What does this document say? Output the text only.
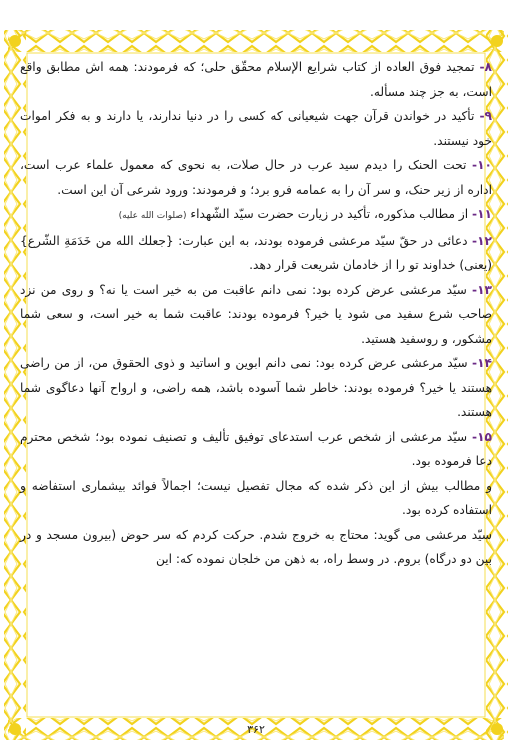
۸- تمجید فوق العاده از کتاب شرایع الإسلام محقّق حلی؛ که فرمودند: همه اش مطابق واقع است، به جز چند مسأله.

۹- تأکید در خواندن قرآن جهت شیعیانی که کسی را در دنیا ندارند، یا دارند و به فکر اموات خود نیستند.

۱۰- تحت الحنک را دیدم سید عرب در حال صلات، به نحوی که معمول علماء عرب است، اداره از زیر حنک، و سر آن را به عمامه فرو برد؛ و فرمودند: ورود شرعی آن این است.

۱۱- از مطالب مذکوره، تأکید در زیارت حضرت سیّد الشّهداء (صلوات الله علیه)

۱۲- دعائی در حقّ سیّد مرعشی فرموده بودند، به این عبارت: {جعلك الله من خَدَمَةِ الشّرع} (یعنی) خداوند تو را از خادمان شریعت قرار دهد.

۱۳- سیّد مرعشی عرض کرده بود: نمی دانم عاقبت من به خیر است یا نه؟ و روی من نزد صاحب شرع سفید می شود یا خیر؟ فرموده بودند: عاقبت شما به خیر است، و سعی شما مشکور، و روسفید هستید.

۱۴- سیّد مرعشی عرض کرده بود: نمی دانم ابوین و اساتید و ذوی الحقوق من، از من راضی هستند یا خیر؟ فرموده بودند: خاطر شما آسوده باشد، همه راضی، و ارواح آنها دعاگوی شما هستند.

۱۵- سیّد مرعشی از شخص عرب استدعای توفیق تألیف و تصنیف نموده بود؛ شخص محترم دعا فرموده بود.

و مطالب بیش از این ذکر شده که مجال تفصیل نیست؛ اجمالاً فوائد بیشماری استفاضه و استفاده کرده بود.

سیّد مرعشی می گوید: محتاج به خروج شدم. حرکت کردم که سر حوض (بیرون مسجد و در بین دو درگاه) بروم. در وسط راه، به ذهن من خلجان نموده که: این

۳۶۲
